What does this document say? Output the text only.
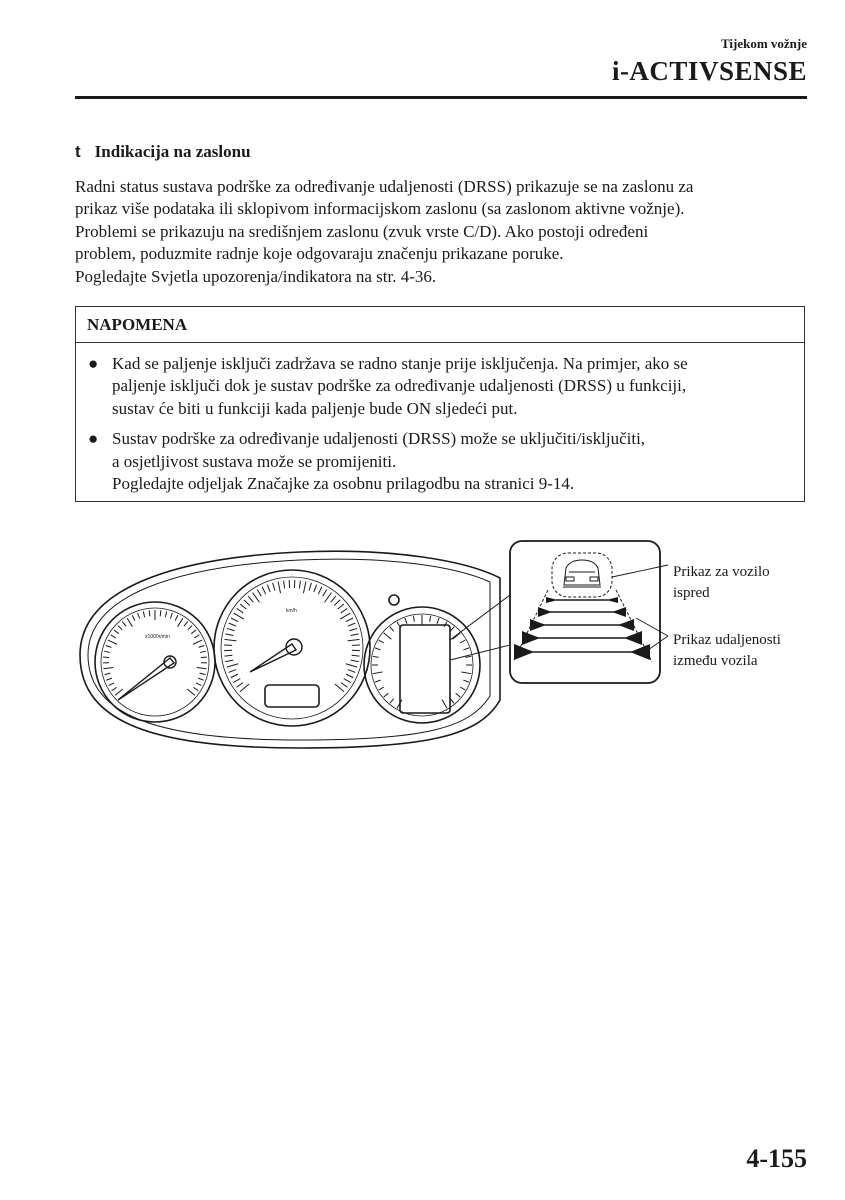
Tijekom vožnje
i-ACTIVSENSE
t Indikacija na zaslonu

Radni status sustava podrške za određivanje udaljenosti (DRSS) prikazuje se na zaslonu za

prikaz više podataka ili sklopivom informacijskom zaslonu (sa zaslonom aktivne vožnje).

Problemi se prikazuju na središnjem zaslonu (zvuk vrste C/D). Ako postoji određeni

problem, poduzmite radnje koje odgovaraju značenju prikazane poruke.

Pogledajte Svjetla upozorenja/indikatora na str. 4-36.

NAPOMENA
● Kad se paljenje isključi zadržava se radno stanje prije isključenja. Na primjer, ako se
paljenje isključi dok je sustav podrške za određivanje udaljenosti (DRSS) u funkciji,
sustav će biti u funkciji kada paljenje bude ON sljedeći put.
● Sustav podrške za određivanje udaljenosti (DRSS) može se uključiti/isključiti,
a osjetljivost sustava može se promijeniti.
Pogledajte odjeljak Značajke za osobnu prilagodbu na stranici 9-14.
x1000r/min
km/h
Prikaz za vozilo
ispred
Prikaz udaljenosti
između vozila
4-155
